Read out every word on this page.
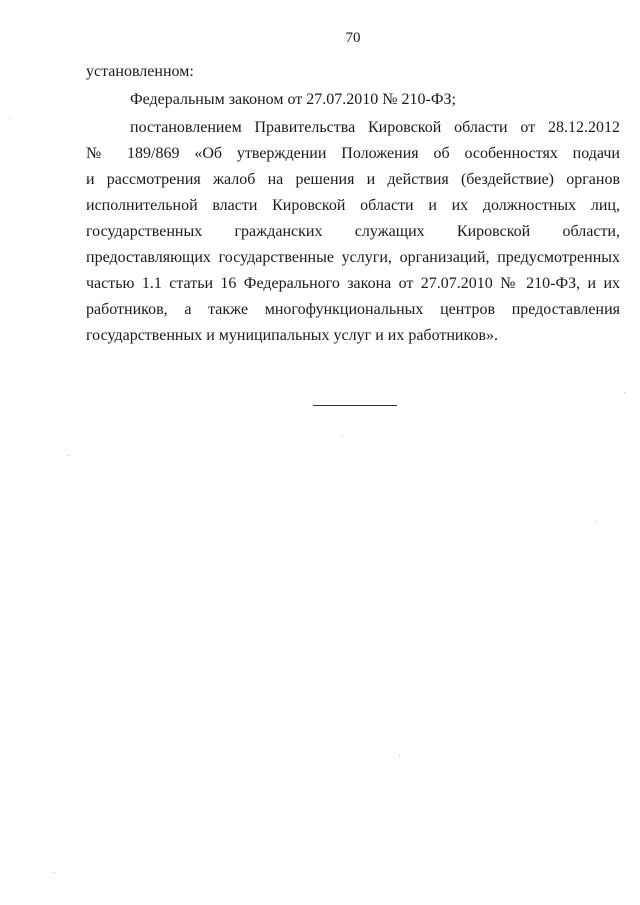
70
установленном:
Федеральным законом от 27.07.2010 № 210-ФЗ;
постановлением Правительства Кировской области от 28.12.2012
№ 189/869 «Об утверждении Положения об особенностях подачи
и рассмотрения жалоб на решения и действия (бездействие) органов
исполнительной власти Кировской области и их должностных лиц,
государственных гражданских служащих Кировской области,
предоставляющих государственные услуги, организаций, предусмотренных
частью 1.1 статьи 16 Федерального закона от 27.07.2010 № 210-ФЗ, и их
работников, а также многофункциональных центров предоставления
государственных и муниципальных услуг и их работников».
